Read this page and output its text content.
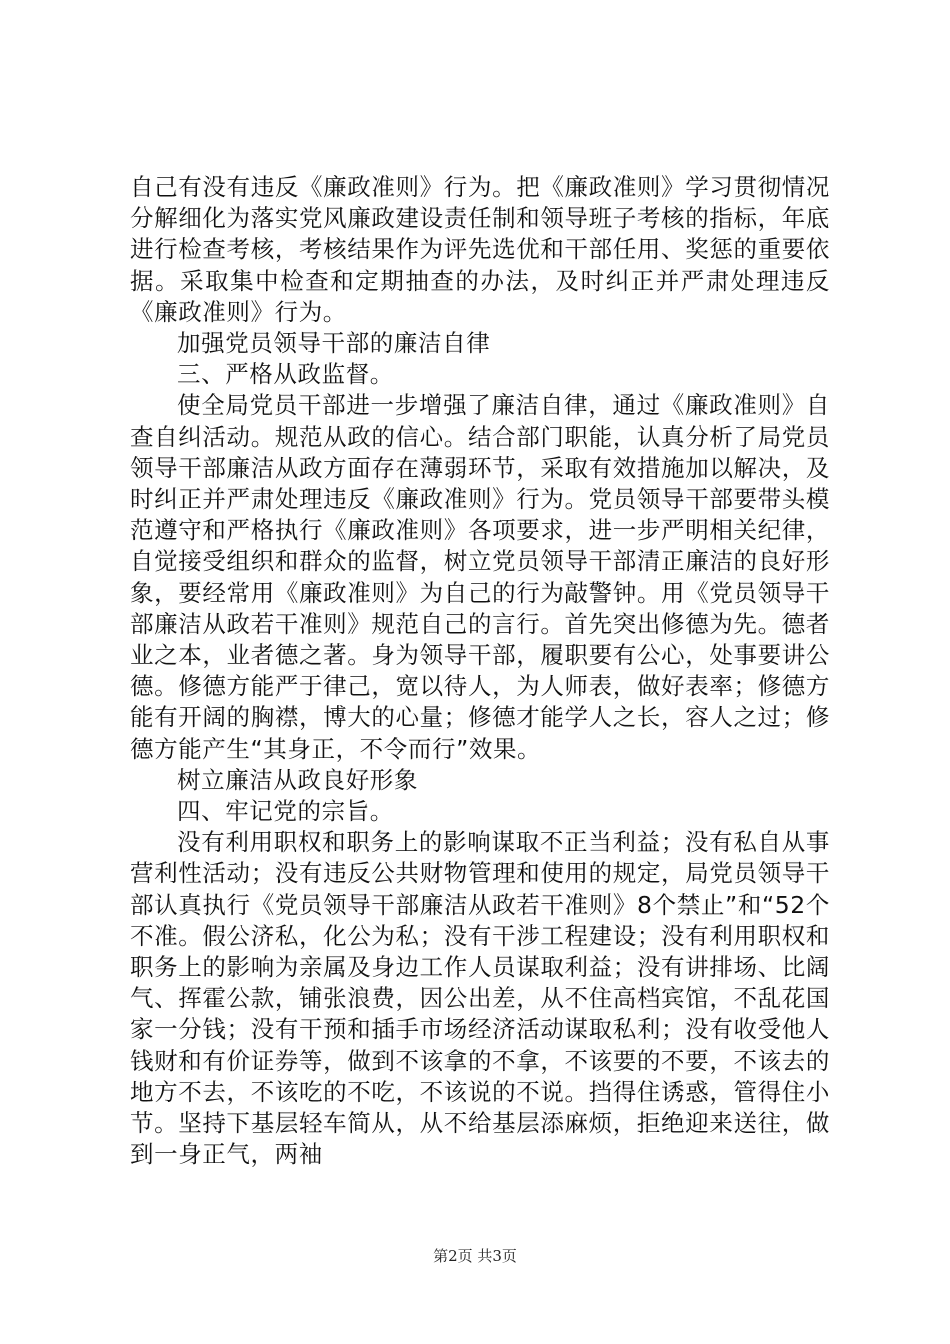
自己有没有违反《廉政准则》行为。把《廉政准则》学习贯彻情况分解细化为落实党风廉政建设责任制和领导班子考核的指标，年底进行检查考核，考核结果作为评先选优和干部任用、奖惩的重要依据。采取集中检查和定期抽查的办法，及时纠正并严肃处理违反《廉政准则》行为。

加强党员领导干部的廉洁自律

三、严格从政监督。

使全局党员干部进一步增强了廉洁自律，通过《廉政准则》自查自纠活动。规范从政的信心。结合部门职能，认真分析了局党员领导干部廉洁从政方面存在薄弱环节，采取有效措施加以解决，及时纠正并严肃处理违反《廉政准则》行为。党员领导干部要带头模范遵守和严格执行《廉政准则》各项要求，进一步严明相关纪律，自觉接受组织和群众的监督，树立党员领导干部清正廉洁的良好形象，要经常用《廉政准则》为自己的行为敲警钟。用《党员领导干部廉洁从政若干准则》规范自己的言行。首先突出修德为先。德者业之本，业者德之著。身为领导干部，履职要有公心，处事要讲公德。修德方能严于律己，宽以待人，为人师表，做好表率；修德方能有开阔的胸襟，博大的心量；修德才能学人之长，容人之过；修德方能产生“其身正，不令而行”效果。

树立廉洁从政良好形象

四、牢记党的宗旨。

没有利用职权和职务上的影响谋取不正当利益；没有私自从事营利性活动；没有违反公共财物管理和使用的规定，局党员领导干部认真执行《党员领导干部廉洁从政若干准则》8个禁止”和“52个不准。假公济私，化公为私；没有干涉工程建设；没有利用职权和职务上的影响为亲属及身边工作人员谋取利益；没有讲排场、比阔气、挥霍公款，铺张浪费，因公出差，从不住高档宾馆，不乱花国家一分钱；没有干预和插手市场经济活动谋取私利；没有收受他人钱财和有价证券等，做到不该拿的不拿，不该要的不要，不该去的地方不去，不该吃的不吃，不该说的不说。挡得住诱惑，管得住小节。坚持下基层轻车简从，从不给基层添麻烦，拒绝迎来送往，做到一身正气，两袖

第2页 共3页
